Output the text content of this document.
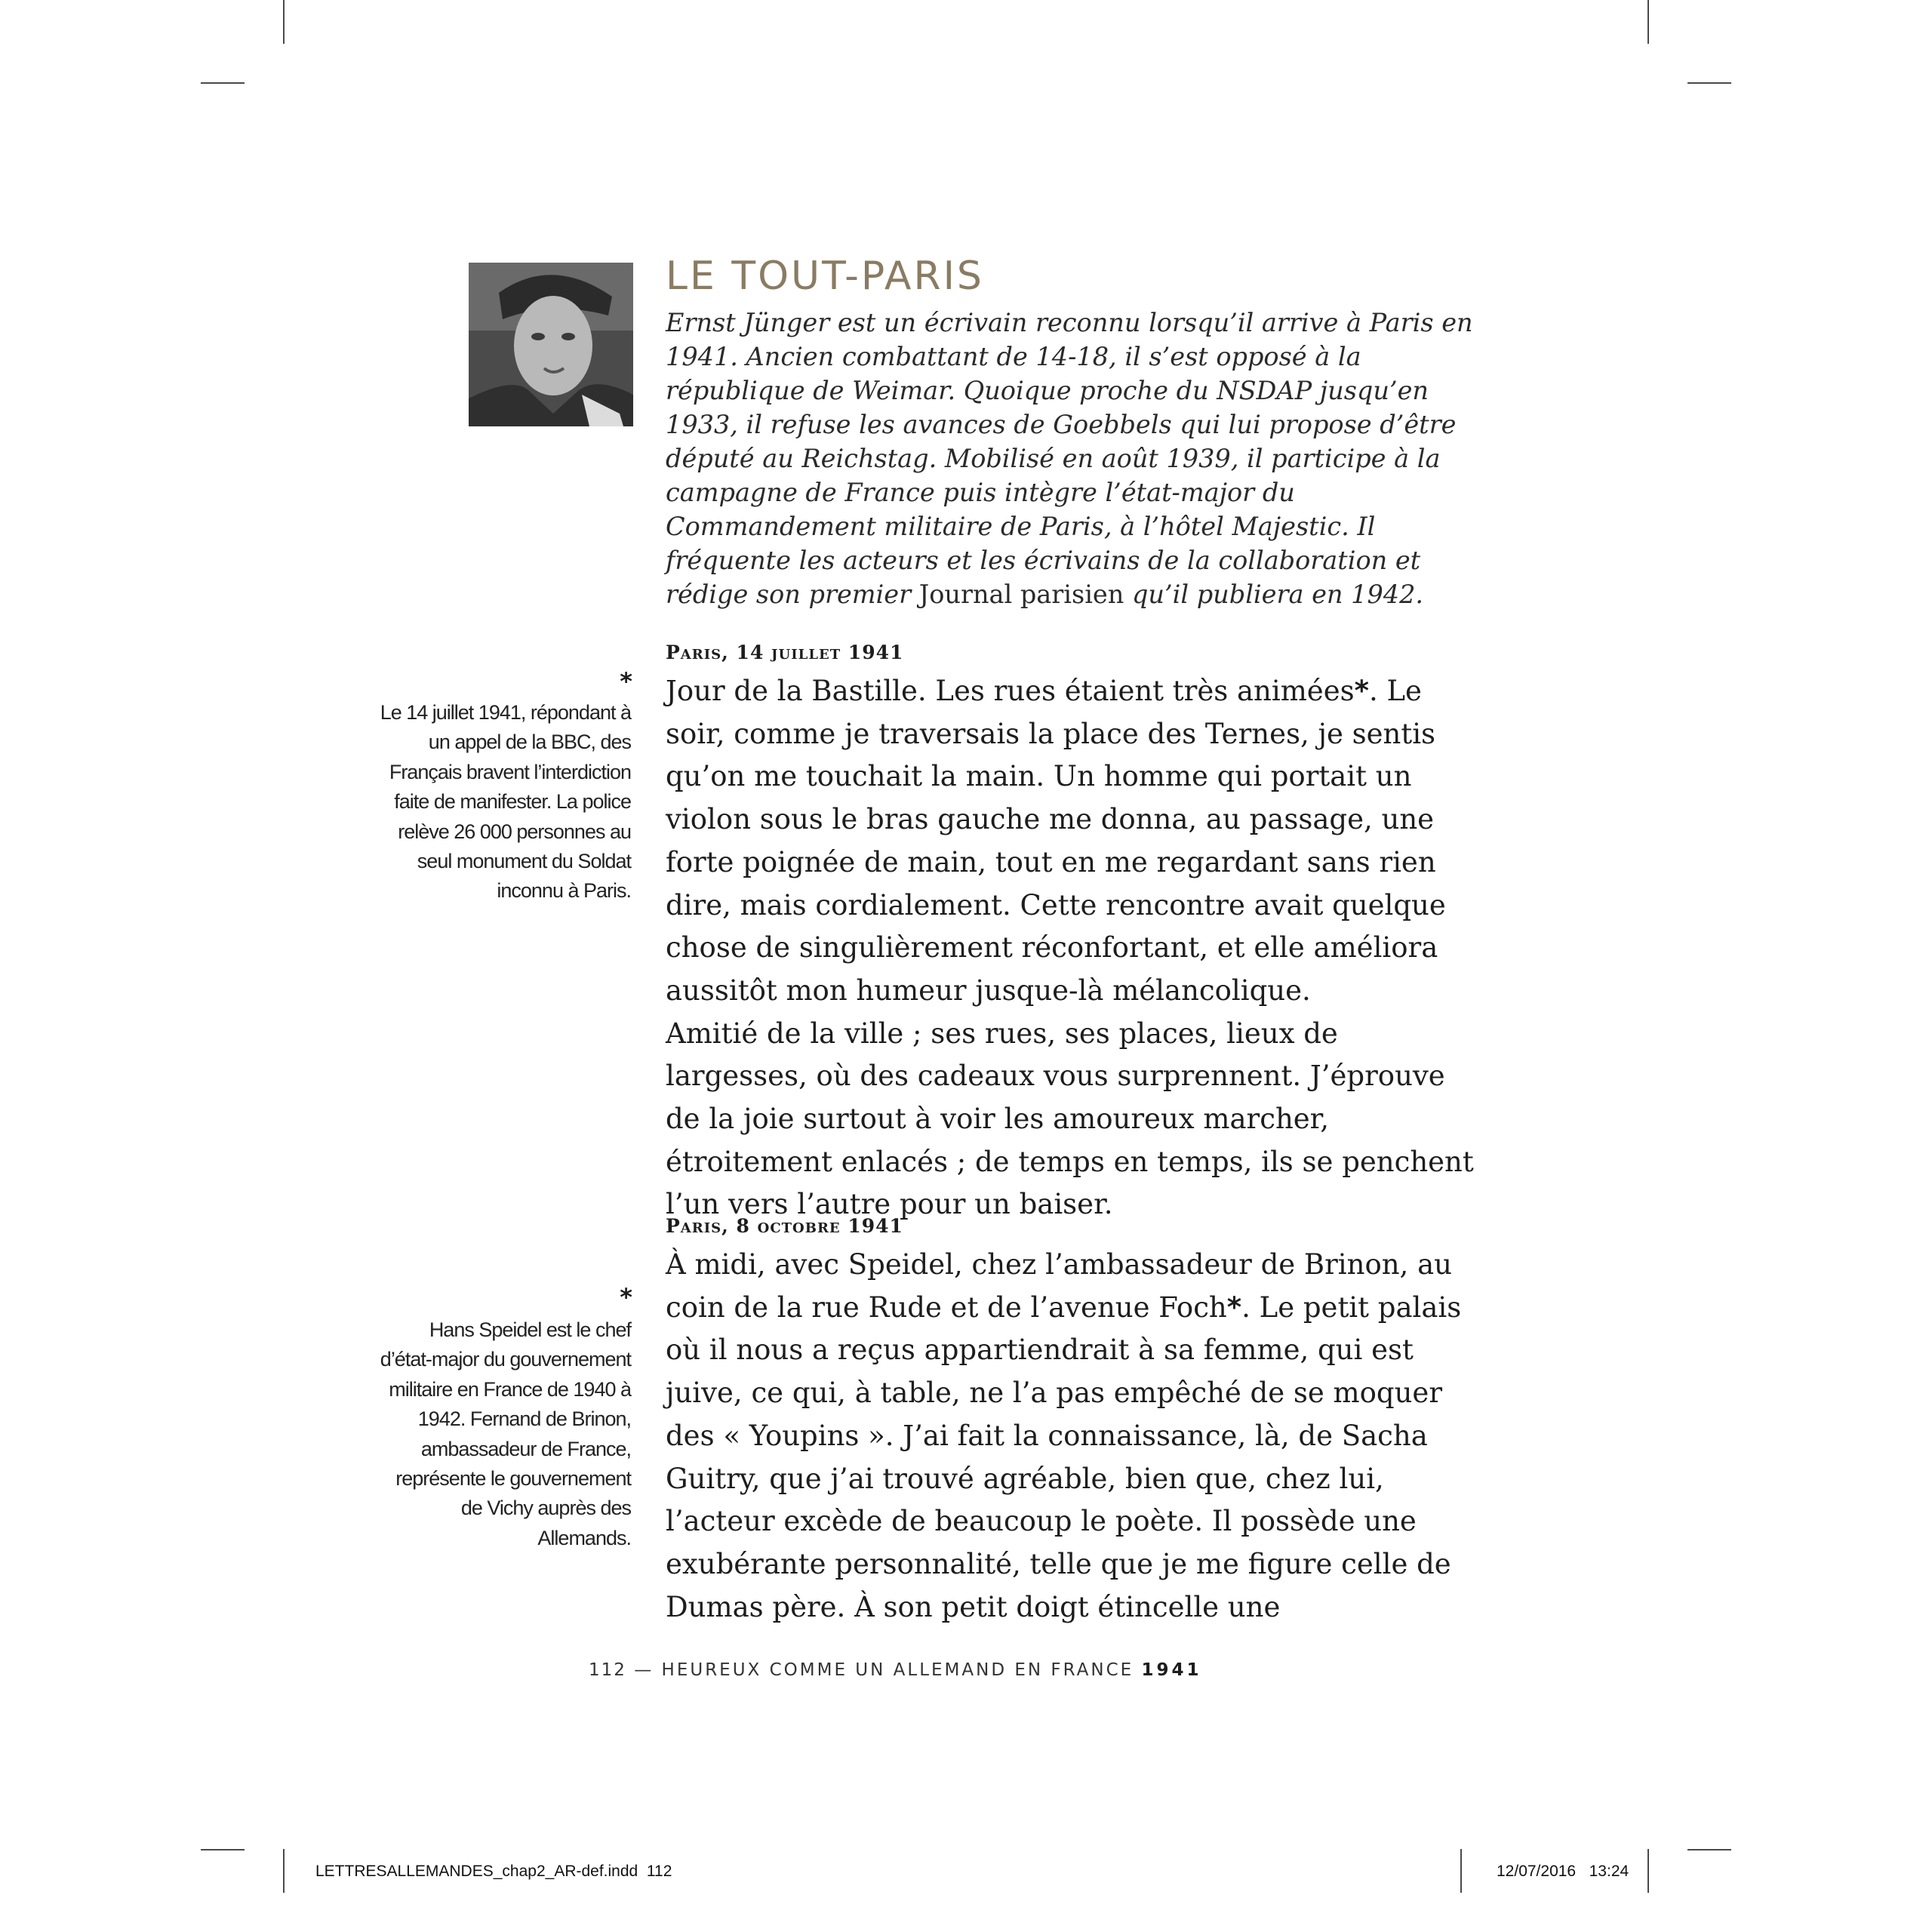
LE TOUT-PARIS

Ernst Jünger est un écrivain reconnu lorsqu’il arrive à Paris en 1941. Ancien combattant de 14-18, il s’est opposé à la république de Weimar. Quoique proche du NSDAP jusqu’en 1933, il refuse les avances de Goebbels qui lui propose d’être député au Reichstag. Mobilisé en août 1939, il participe à la campagne de France puis intègre l’état-major du Commandement militaire de Paris, à l’hôtel Majestic. Il fréquente les acteurs et les écrivains de la collaboration et rédige son premier Journal parisien qu’il publiera en 1942.

Paris, 14 juillet 1941

Jour de la Bastille. Les rues étaient très animées*. Le soir, comme je traversais la place des Ternes, je sentis qu’on me touchait la main. Un homme qui portait un violon sous le bras gauche me donna, au passage, une forte poignée de main, tout en me regardant sans rien dire, mais cordialement. Cette rencontre avait quelque chose de singulièrement réconfortant, et elle améliora aussitôt mon humeur jusque-là mélancolique.

Amitié de la ville ; ses rues, ses places, lieux de largesses, où des cadeaux vous surprennent. J’éprouve de la joie surtout à voir les amoureux marcher, étroitement enlacés ; de temps en temps, ils se penchent l’un vers l’autre pour un baiser.

Paris, 8 octobre 1941

À midi, avec Speidel, chez l’ambassadeur de Brinon, au coin de la rue Rude et de l’avenue Foch*. Le petit palais où il nous a reçus appartiendrait à sa femme, qui est juive, ce qui, à table, ne l’a pas empêché de se moquer des « Youpins ». J’ai fait la connaissance, là, de Sacha Guitry, que j’ai trouvé agréable, bien que, chez lui, l’acteur excède de beaucoup le poète. Il possède une exubérante personnalité, telle que je me figure celle de Dumas père. À son petit doigt étincelle une

*
Le 14 juillet 1941, répondant à un appel de la BBC, des Français bravent l’interdiction faite de manifester. La police relève 26 000 personnes au seul monument du Soldat inconnu à Paris.
*
Hans Speidel est le chef d’état-major du gouvernement militaire en France de 1940 à 1942. Fernand de Brinon, ambassadeur de France, représente le gouvernement de Vichy auprès des Allemands.
112 — HEUREUX COMME UN ALLEMAND EN FRANCE 1941
LETTRESALLEMANDES_chap2_AR-def.indd 112	12/07/2016 13:24
